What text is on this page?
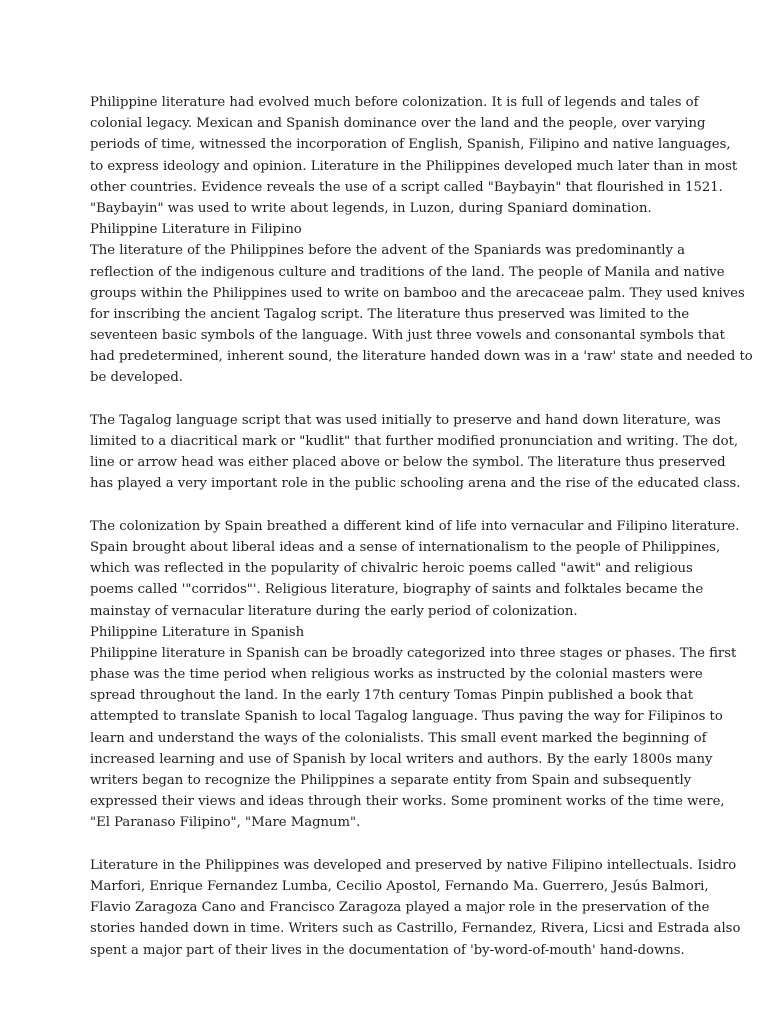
Philippine literature had evolved much before colonization. It is full of legends and tales of
colonial legacy. Mexican and Spanish dominance over the land and the people, over varying
periods of time, witnessed the incorporation of English, Spanish, Filipino and native languages,
to express ideology and opinion. Literature in the Philippines developed much later than in most
other countries. Evidence reveals the use of a script called "Baybayin" that flourished in 1521.
"Baybayin" was used to write about legends, in Luzon, during Spaniard domination.
Philippine Literature in Filipino
The literature of the Philippines before the advent of the Spaniards was predominantly a
reflection of the indigenous culture and traditions of the land. The people of Manila and native
groups within the Philippines used to write on bamboo and the arecaceae palm. They used knives
for inscribing the ancient Tagalog script. The literature thus preserved was limited to the
seventeen basic symbols of the language. With just three vowels and consonantal symbols that
had predetermined, inherent sound, the literature handed down was in a 'raw' state and needed to
be developed.
The Tagalog language script that was used initially to preserve and hand down literature, was
limited to a diacritical mark or "kudlit" that further modified pronunciation and writing. The dot,
line or arrow head was either placed above or below the symbol. The literature thus preserved
has played a very important role in the public schooling arena and the rise of the educated class.
The colonization by Spain breathed a different kind of life into vernacular and Filipino literature.
Spain brought about liberal ideas and a sense of internationalism to the people of Philippines,
which was reflected in the popularity of chivalric heroic poems called "awit" and religious
poems called '"corridos"'. Religious literature, biography of saints and folktales became the
mainstay of vernacular literature during the early period of colonization.
Philippine Literature in Spanish
Philippine literature in Spanish can be broadly categorized into three stages or phases. The first
phase was the time period when religious works as instructed by the colonial masters were
spread throughout the land. In the early 17th century Tomas Pinpin published a book that
attempted to translate Spanish to local Tagalog language. Thus paving the way for Filipinos to
learn and understand the ways of the colonialists. This small event marked the beginning of
increased learning and use of Spanish by local writers and authors. By the early 1800s many
writers began to recognize the Philippines a separate entity from Spain and subsequently
expressed their views and ideas through their works. Some prominent works of the time were,
"El Paranaso Filipino", "Mare Magnum".
Literature in the Philippines was developed and preserved by native Filipino intellectuals. Isidro
Marfori, Enrique Fernandez Lumba, Cecilio Apostol, Fernando Ma. Guerrero, Jesús Balmori,
Flavio Zaragoza Cano and Francisco Zaragoza played a major role in the preservation of the
stories handed down in time. Writers such as Castrillo, Fernandez, Rivera, Licsi and Estrada also
spent a major part of their lives in the documentation of 'by-word-of-mouth' hand-downs.
